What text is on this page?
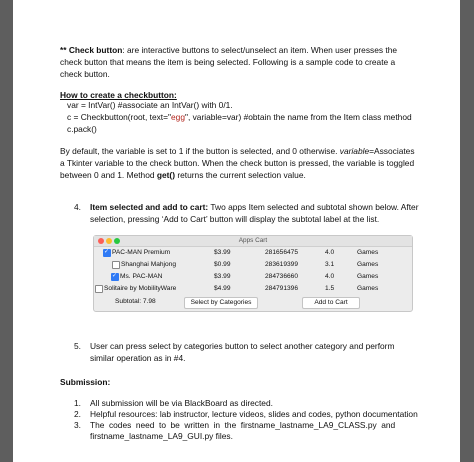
** Check button: are interactive buttons to select/unselect an item. When user presses the
check button that means the item is being selected. Following is a sample code to create a
check button.
How to create a checkbutton:
var = IntVar() #associate an IntVar() with 0/1.
c = Checkbutton(root, text="egg", variable=var) #obtain the name from the Item class method
c.pack()
By default, the variable is set to 1 if the button is selected, and 0 otherwise. variable=Associates
a Tkinter variable to the check button. When the check button is pressed, the variable is toggled
between 0 and 1. Method get() returns the current selection value.
4. Item selected and add to cart: Two apps Item selected and subtotal shown below. After
selection, pressing ‘Add to Cart’ button will display the subtotal label at the list.
Apps Cart
✓
PAC-MAN Premium	$3.99	281656475	4.0	Games
Shanghai Mahjong	$0.99	283619399	3.1	Games
✓
Ms. PAC-MAN	$3.99	284736660	4.0	Games
Solitaire by MobilityWare	$4.99	284791396	1.5	Games
Subtotal: 7.98	Select by Categories	Add to Cart
5. User can press select by categories button to select another category and perform
similar operation as in #4.
Submission:
1. All submission will be via BlackBoard as directed.
2. Helpful resources: lab instructor, lecture videos, slides and codes, python documentation
3. The codes need to be written in the firstname_lastname_LA9_CLASS.py and
firstname_lastname_LA9_GUI.py files.
